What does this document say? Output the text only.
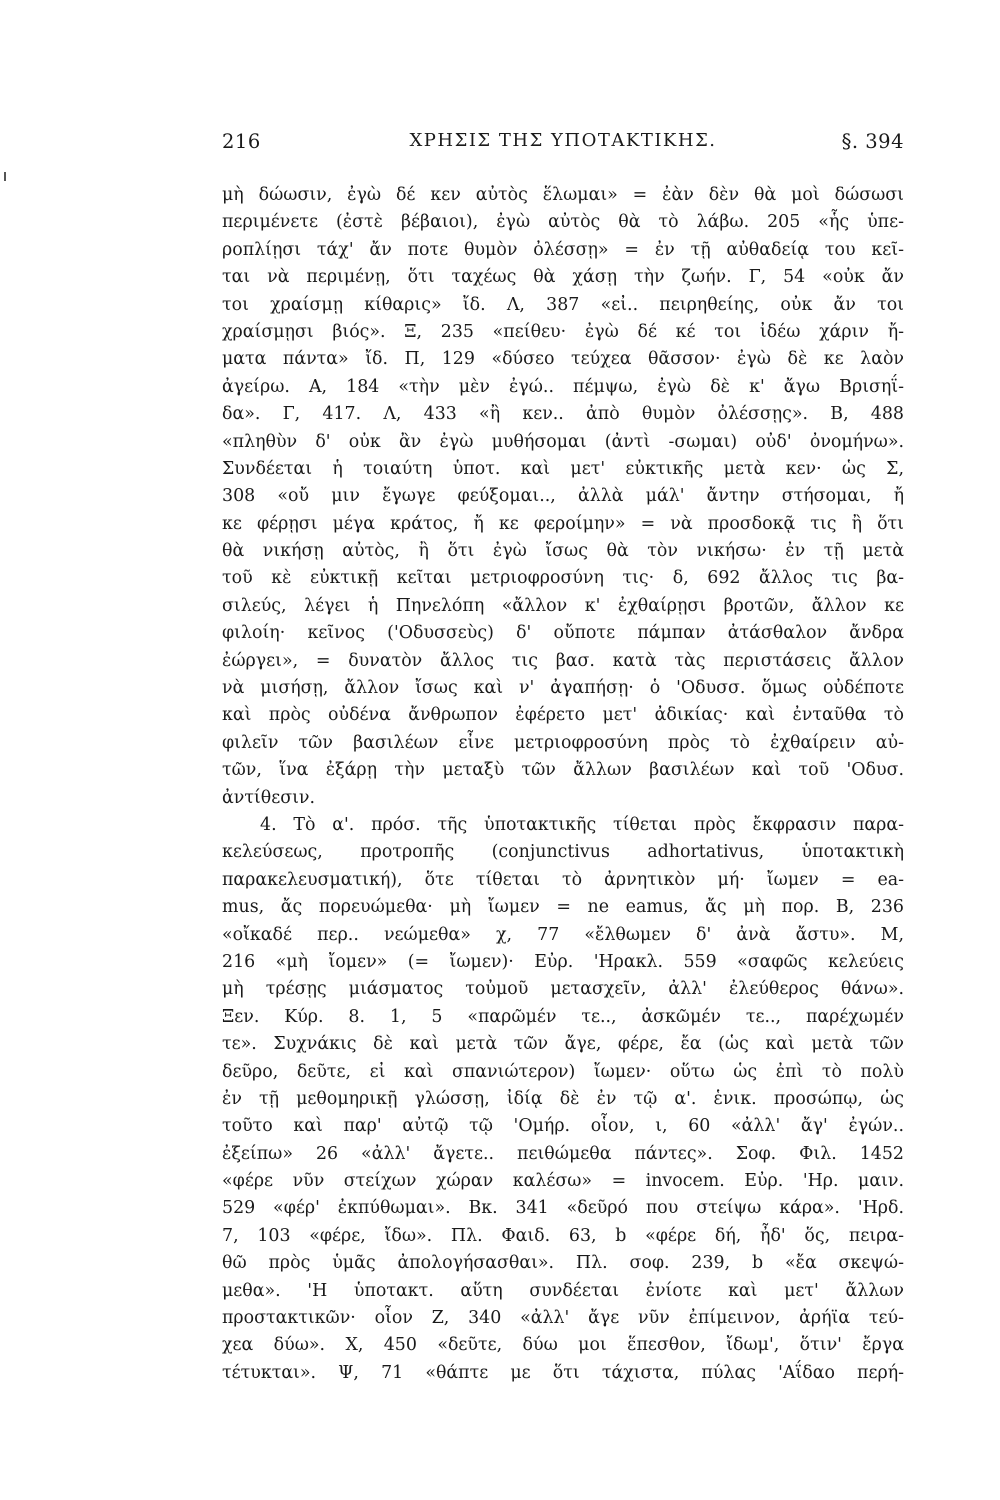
216	ΧΡΗΣΙΣ ΤΗΣ ΥΠΟΤΑΚΤΙΚΗΣ.	§. 394
μὴ δώωσιν, ἐγὼ δέ κεν αὐτὸς ἕλωμαι» = ἐὰν δὲν θὰ μοὶ δώσωσι
περιμένετε (ἐστὲ βέβαιοι), ἐγὼ αὐτὸς θὰ τὸ λάβω. 205 «ἧς ὑπε-
ροπλίῃσι τάχ' ἄν ποτε θυμὸν ὀλέσσῃ» = ἐν τῇ αὐθαδείᾳ του κεῖ-
ται νὰ περιμένῃ, ὅτι ταχέως θὰ χάσῃ τὴν ζωήν. Γ, 54 «οὐκ ἄν
τοι χραίσμῃ κίθαρις» ἴδ. Λ, 387 «εἰ.. πειρηθείης, οὐκ ἄν τοι
χραίσμῃσι βιός». Ξ, 235 «πείθευ· ἐγὼ δέ κέ τοι ἰδέω χάριν ἤ-
ματα πάντα» ἴδ. Π, 129 «δύσεο τεύχεα θᾶσσον· ἐγὼ δὲ κε λαὸν
ἀγείρω. Α, 184 «τὴν μὲν ἐγώ.. πέμψω, ἐγὼ δὲ κ' ἄγω Βρισηΐ-
δα». Γ, 417. Λ, 433 «ἢ κεν.. ἀπὸ θυμὸν ὀλέσσῃς». Β, 488
«πληθὺν δ' οὐκ ἂν ἐγὼ μυθήσομαι (ἀντὶ -σωμαι) οὐδ' ὀνομήνω».
Συνδέεται ἡ τοιαύτη ὑποτ. καὶ μετ' εὐκτικῆς μετὰ κεν· ὡς Σ,
308 «οὔ μιν ἔγωγε φεύξομαι.., ἀλλὰ μάλ' ἄντην στήσομαι, ἤ
κε φέρῃσι μέγα κράτος, ἤ κε φεροίμην» = νὰ προσδοκᾷ τις ἢ ὅτι
θὰ νικήσῃ αὐτὸς, ἢ ὅτι ἐγὼ ἴσως θὰ τὸν νικήσω· ἐν τῇ μετὰ
τοῦ κὲ εὐκτικῇ κεῖται μετριοφροσύνη τις· δ, 692 ἄλλος τις βα-
σιλεύς, λέγει ἡ Πηνελόπη «ἄλλον κ' ἐχθαίρῃσι βροτῶν, ἄλλον κε
φιλοίη· κεῖνος ('Οδυσσεὺς) δ' οὔποτε πάμπαν ἀτάσθαλον ἄνδρα
ἐώργει», = δυνατὸν ἄλλος τις βασ. κατὰ τὰς περιστάσεις ἄλλον
νὰ μισήσῃ, ἄλλον ἴσως καὶ ν' ἀγαπήσῃ· ὁ 'Οδυσσ. ὅμως οὐδέποτε
καὶ πρὸς οὐδένα ἄνθρωπον ἐφέρετο μετ' ἀδικίας· καὶ ἐνταῦθα τὸ
φιλεῖν τῶν βασιλέων εἶνε μετριοφροσύνη πρὸς τὸ ἐχθαίρειν αὐ-
τῶν, ἵνα ἐξάρῃ τὴν μεταξὺ τῶν ἄλλων βασιλέων καὶ τοῦ 'Οδυσ.
ἀντίθεσιν.
4. Τὸ α'. πρόσ. τῆς ὑποτακτικῆς τίθεται πρὸς ἔκφρασιν παρα-
κελεύσεως, προτροπῆς (conjunctivus adhortativus, ὑποτακτικὴ
παρακελευσματική), ὅτε τίθεται τὸ ἀρνητικὸν μή· ἴωμεν = ea-
mus, ἄς πορευώμεθα· μὴ ἴωμεν = ne eamus, ἄς μὴ πορ. Β, 236
«οἴκαδέ περ.. νεώμεθα» χ, 77 «ἔλθωμεν δ' ἀνὰ ἄστυ». Μ,
216 «μὴ ἴομεν» (= ἴωμεν)· Εὐρ. 'Ηρακλ. 559 «σαφῶς κελεύεις
μὴ τρέσῃς μιάσματος τοὐμοῦ μετασχεῖν, ἀλλ' ἐλεύθερος θάνω».
Ξεν. Κύρ. 8. 1, 5 «παρῶμέν τε.., ἀσκῶμέν τε.., παρέχωμέν
τε». Συχνάκις δὲ καὶ μετὰ τῶν ἄγε, φέρε, ἔα (ὡς καὶ μετὰ τῶν
δεῦρο, δεῦτε, εἰ καὶ σπανιώτερον) ἴωμεν· οὕτω ὡς ἐπὶ τὸ πολὺ
ἐν τῇ μεθομηρικῇ γλώσσῃ, ἰδίᾳ δὲ ἐν τῷ α'. ἑνικ. προσώπῳ, ὡς
τοῦτο καὶ παρ' αὐτῷ τῷ 'Ομήρ. οἷον, ι, 60 «ἀλλ' ἄγ' ἐγών..
ἐξείπω» 26 «ἀλλ' ἄγετε.. πειθώμεθα πάντες». Σοφ. Φιλ. 1452
«φέρε νῦν στείχων χώραν καλέσω» = invocem. Εὐρ. 'Ηρ. μαιν.
529 «φέρ' ἐκπύθωμαι». Βκ. 341 «δεῦρό που στείψω κάρα». 'Ηρδ.
7, 103 «φέρε, ἴδω». Πλ. Φαιδ. 63, b «φέρε δή, ἦδ' ὅς, πειρα-
θῶ πρὸς ὑμᾶς ἀπολογήσασθαι». Πλ. σοφ. 239, b «ἔα σκεψώ-
μεθα». 'Η ὑποτακτ. αὕτη συνδέεται ἐνίοτε καὶ μετ' ἄλλων
προστακτικῶν· οἷον Ζ, 340 «ἀλλ' ἄγε νῦν ἐπίμεινον, ἀρήϊα τεύ-
χεα δύω». Χ, 450 «δεῦτε, δύω μοι ἕπεσθον, ἴδωμ', ὅτιν' ἔργα
τέτυκται». Ψ, 71 «θάπτε με ὅτι τάχιστα, πύλας 'Αΐδαο περή-
